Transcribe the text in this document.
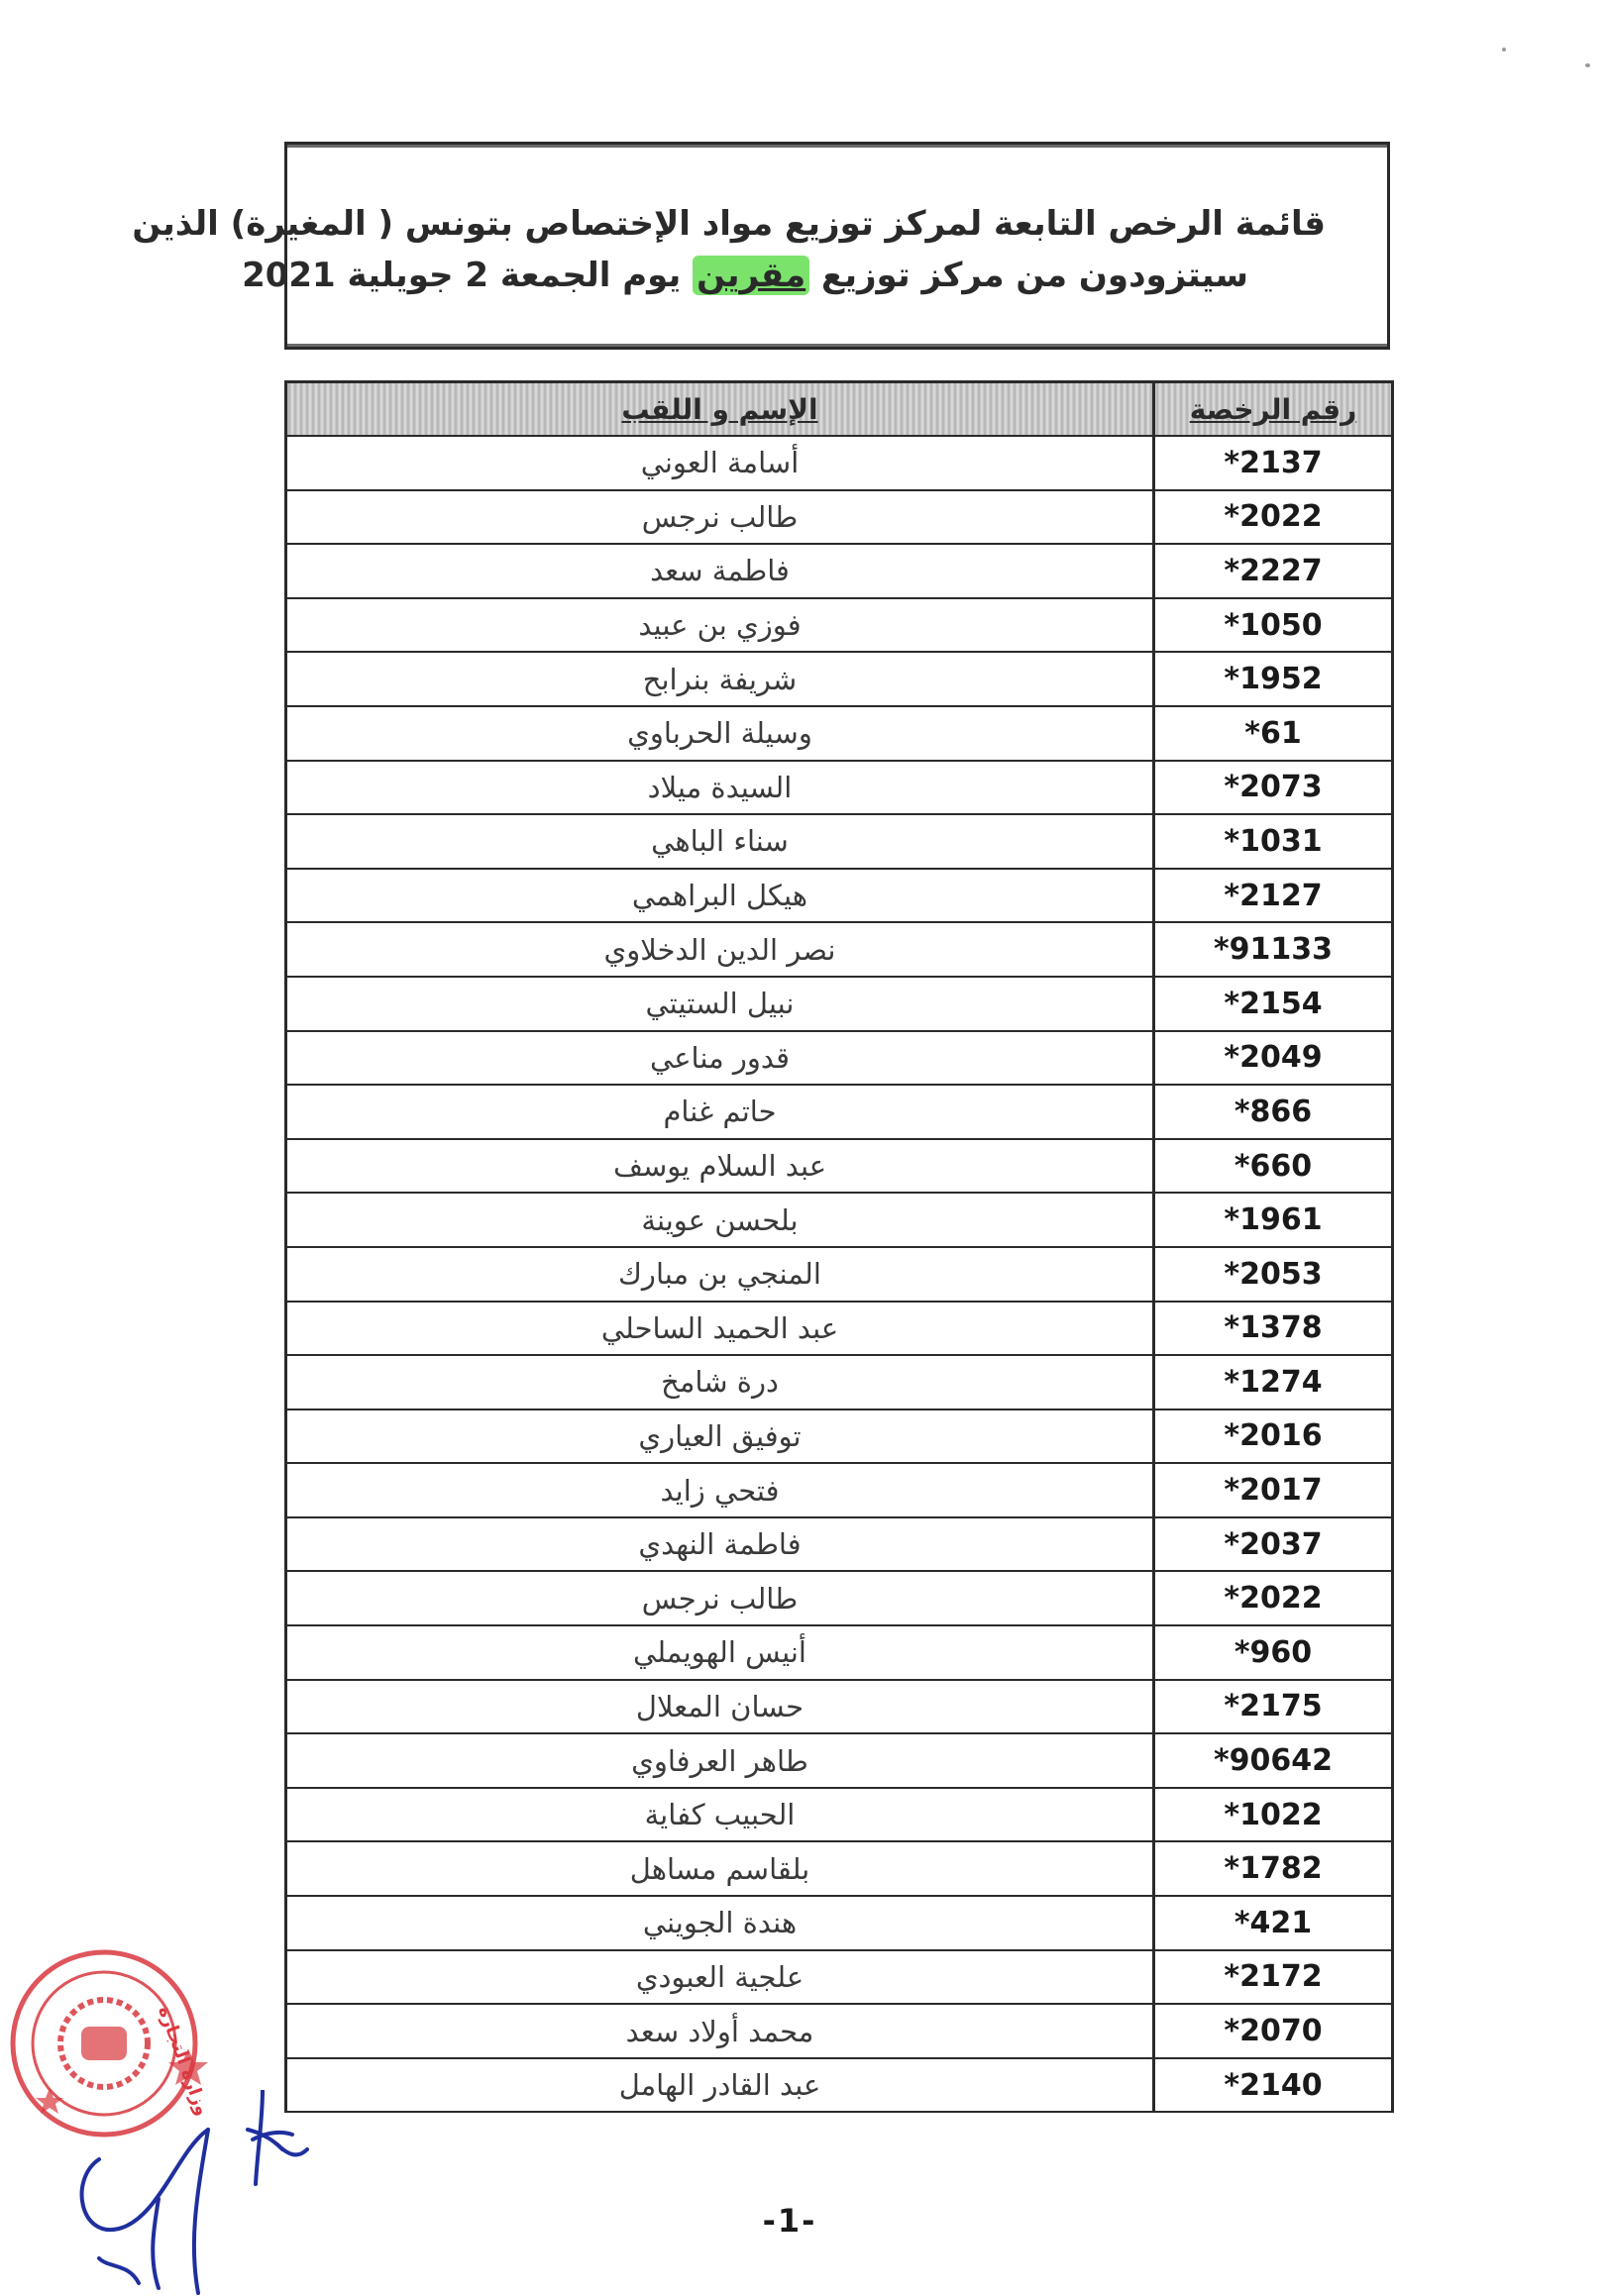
قائمة الرخص التابعة لمركز توزيع مواد الإختصاص بتونس ( المغيرة) الذين
سيتزودون من مركز توزيع مقرين يوم الجمعة 2 جويلية 2021
رقم الرخصة	الإسم و اللقب
*2137	أسامة العوني
*2022	طالب نرجس
*2227	فاطمة سعد
*1050	فوزي بن عبيد
*1952	شريفة بنرابح
*61	وسيلة الحرباوي
*2073	السيدة ميلاد
*1031	سناء الباهي
*2127	هيكل البراهمي
*91133	نصر الدين الدخلاوي
*2154	نبيل الستيتي
*2049	قدور مناعي
*866	حاتم غنام
*660	عبد السلام يوسف
*1961	بلحسن عوينة
*2053	المنجي بن مبارك
*1378	عبد الحميد الساحلي
*1274	درة شامخ
*2016	توفيق العياري
*2017	فتحي زايد
*2037	فاطمة النهدي
*2022	طالب نرجس
*960	أنيس الهويملي
*2175	حسان المعلال
*90642	طاهر العرفاوي
*1022	الحبيب كفاية
*1782	بلقاسم مساهل
*421	هندة الجويني
*2172	علجية العبودي
*2070	محمد أولاد سعد
*2140	عبد القادر الهامل
وزارة التجارة
-1-
